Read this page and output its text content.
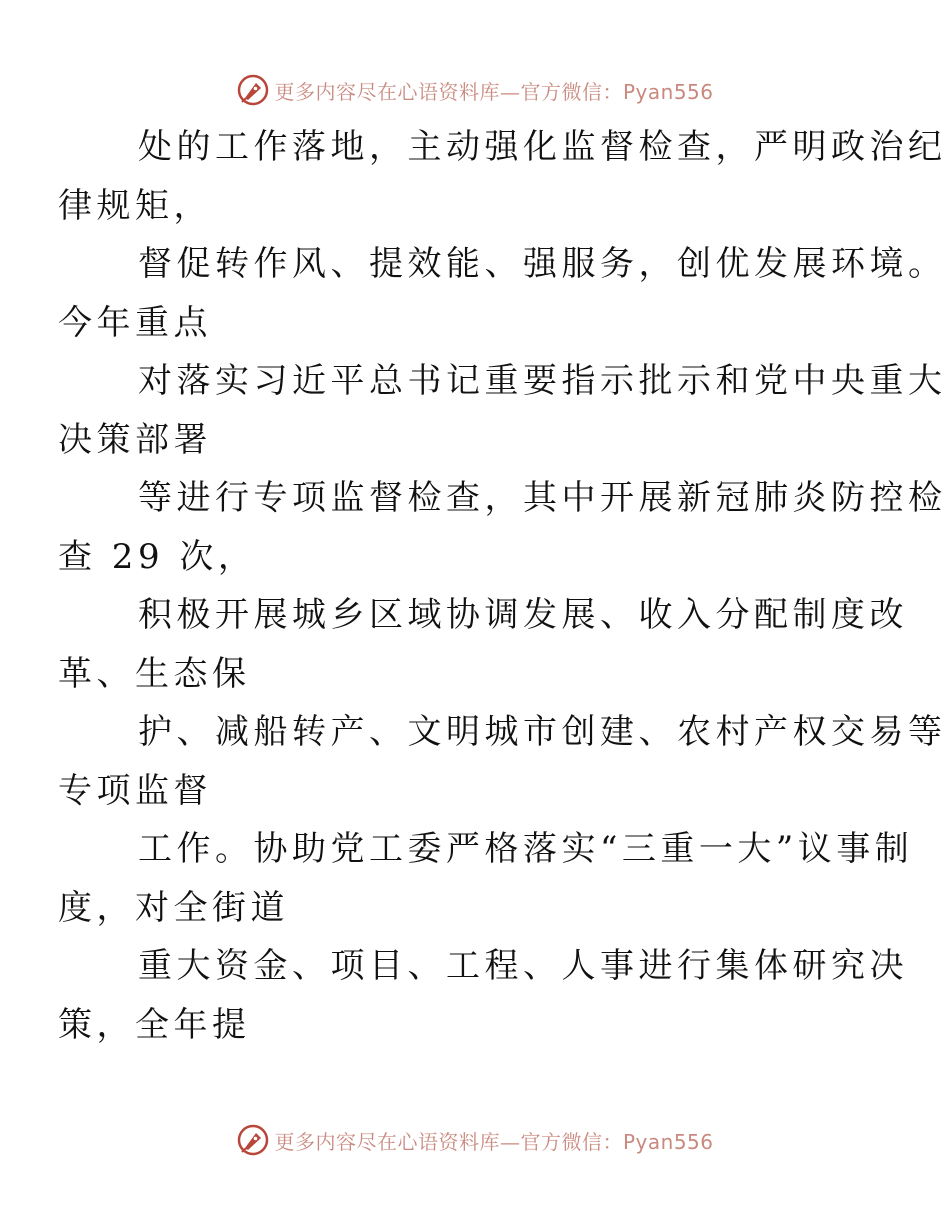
更多内容尽在心语资料库—官方微信：Pyan556

处的工作落地，主动强化监督检查，严明政治纪
律规矩，

督促转作风、提效能、强服务，创优发展环境。
今年重点

对落实习近平总书记重要指示批示和党中央重大
决策部署

等进行专项监督检查，其中开展新冠肺炎防控检
查 29 次，

积极开展城乡区域协调发展、收入分配制度改
革、生态保

护、减船转产、文明城市创建、农村产权交易等
专项监督

工作。协助党工委严格落实“三重一大”议事制
度，对全街道

重大资金、项目、工程、人事进行集体研究决
策，全年提

更多内容尽在心语资料库—官方微信：Pyan556
